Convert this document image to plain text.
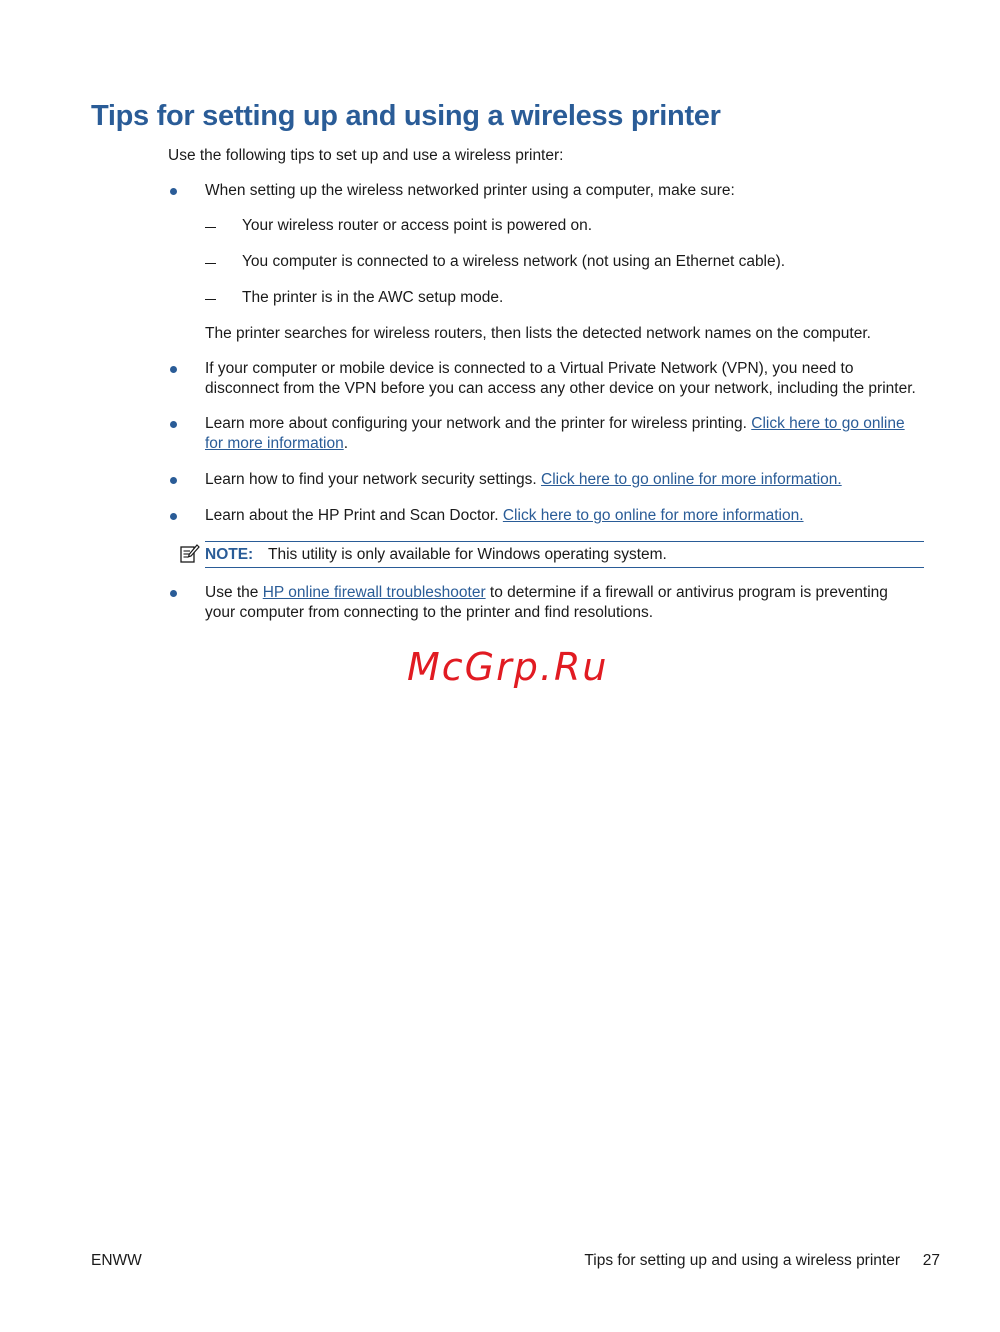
Tips for setting up and using a wireless printer

Use the following tips to set up and use a wireless printer:

When setting up the wireless networked printer using a computer, make sure:

Your wireless router or access point is powered on.

You computer is connected to a wireless network (not using an Ethernet cable).

The printer is in the AWC setup mode.

The printer searches for wireless routers, then lists the detected network names on the computer.

If your computer or mobile device is connected to a Virtual Private Network (VPN), you need to

disconnect from the VPN before you can access any other device on your network, including the printer.

Learn more about configuring your network and the printer for wireless printing. Click here to go online

for more information.

Learn how to find your network security settings. Click here to go online for more information.

Learn about the HP Print and Scan Doctor. Click here to go online for more information.

NOTE: This utility is only available for Windows operating system.

Use the HP online firewall troubleshooter to determine if a firewall or antivirus program is preventing

your computer from connecting to the printer and find resolutions.

McGrp.Ru

ENWW	Tips for setting up and using a wireless printer 27
